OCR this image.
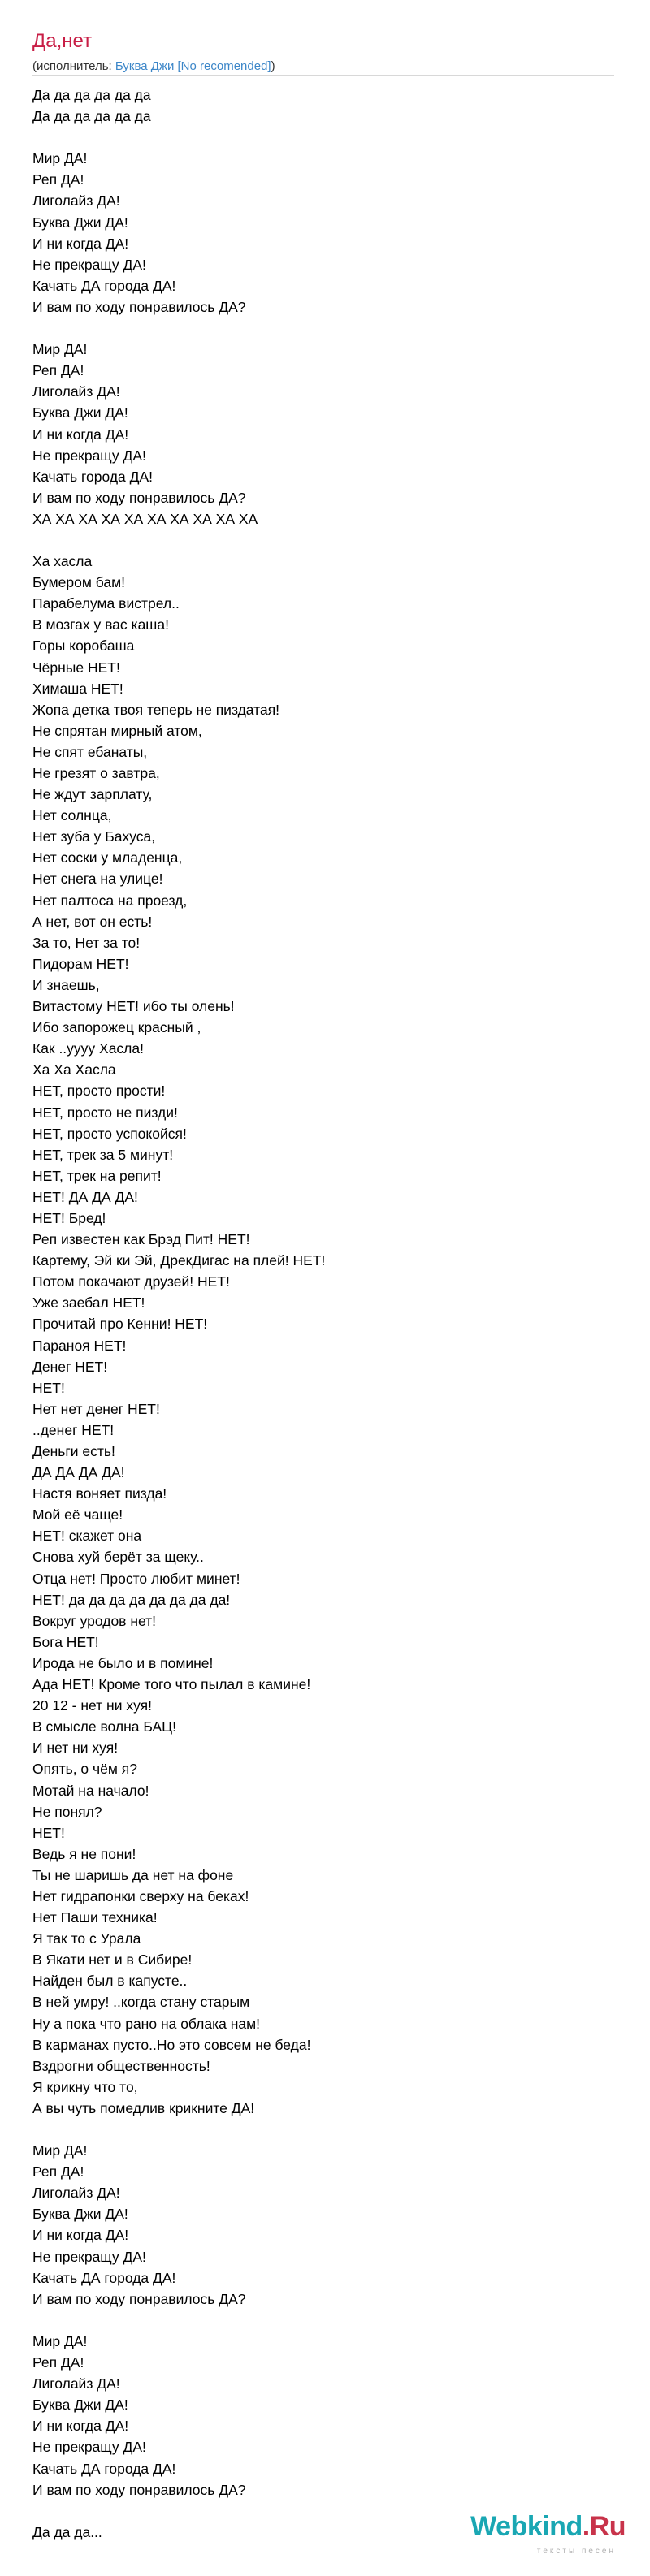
Да,нет
(исполнитель: Буква Джи [No recomended])
Да да да да да да
Да да да да да да

Мир ДА!
Реп ДА!
Лиголайз ДА!
Буква Джи ДА!
И ни когда ДА!
Не прекращу ДА!
Качать ДА города ДА!
И вам по ходу понравилось ДА?

Мир ДА!
Реп ДА!
Лиголайз ДА!
Буква Джи ДА!
И ни когда ДА!
Не прекращу ДА!
Качать города ДА!
И вам по ходу понравилось ДА?
ХА ХА ХА ХА ХА ХА ХА ХА ХА ХА

Ха хасла
Бумером бам!
Парабелума вистрел..
В мозгах у вас каша!
Горы коробаша
Чёрные НЕТ!
Химаша НЕТ!
Жопа детка твоя теперь не пиздатая!
Не спрятан мирный атом,
Не спят ебанаты,
Не грезят о завтра,
Не ждут зарплату,
Нет солнца,
Нет зуба у Бахуса,
Нет соски у младенца,
Нет снега на улице!
Нет палтоса на проезд,
А нет, вот он есть!
За то, Нет за то!
Пидорам НЕТ!
И знаешь,
Витастому НЕТ! ибо ты олень!
Ибо запорожец красный ,
Как ..уууу Хасла!
Ха Ха Хасла
НЕТ, просто прости!
НЕТ, просто не пизди!
НЕТ, просто успокойся!
НЕТ, трек за 5 минут!
НЕТ, трек на репит!
НЕТ! ДА ДА ДА!
НЕТ! Бред!
Реп известен как Брэд Пит! НЕТ!
Картему, Эй ки Эй, ДрекДигас на плей! НЕТ!
Потом покачают друзей! НЕТ!
Уже заебал НЕТ!
Прочитай про Кенни! НЕТ!
Параноя НЕТ!
Денег НЕТ!
НЕТ!
Нет нет денег НЕТ!
..денег НЕТ!
Деньги есть!
ДА ДА ДА ДА!
Настя воняет пизда!
Мой её чаще!
НЕТ! скажет она
Снова хуй берёт за щеку..
Отца нет! Просто любит минет!
НЕТ! да да да да да да да да!
Вокруг уродов нет!
Бога НЕТ!
Ирода не было и в помине!
Ада НЕТ! Кроме того что пылал в камине!
20 12 - нет ни хуя!
В смысле волна БАЦ!
И нет ни хуя!
Опять, о чём я?
Мотай на начало!
Не понял?
НЕТ!
Ведь я не пони!
Ты не шаришь да нет на фоне
Нет гидрапонки сверху на беках!
Нет Паши техника!
Я так то с Урала
В Якати нет и в Сибире!
Найден был в капусте..
В ней умру! ..когда стану старым
Ну а пока что рано на облака нам!
В карманах пусто..Но это совсем не беда!
Вздрогни общественность!
Я крикну что то,
А вы чуть помедлив крикните ДА!

Мир ДА!
Реп ДА!
Лиголайз ДА!
Буква Джи ДА!
И ни когда ДА!
Не прекращу ДА!
Качать ДА города ДА!
И вам по ходу понравилось ДА?

Мир ДА!
Реп ДА!
Лиголайз ДА!
Буква Джи ДА!
И ни когда ДА!
Не прекращу ДА!
Качать ДА города ДА!
И вам по ходу понравилось ДА?

Да да да...	Webkind.Ru
тексты песен
